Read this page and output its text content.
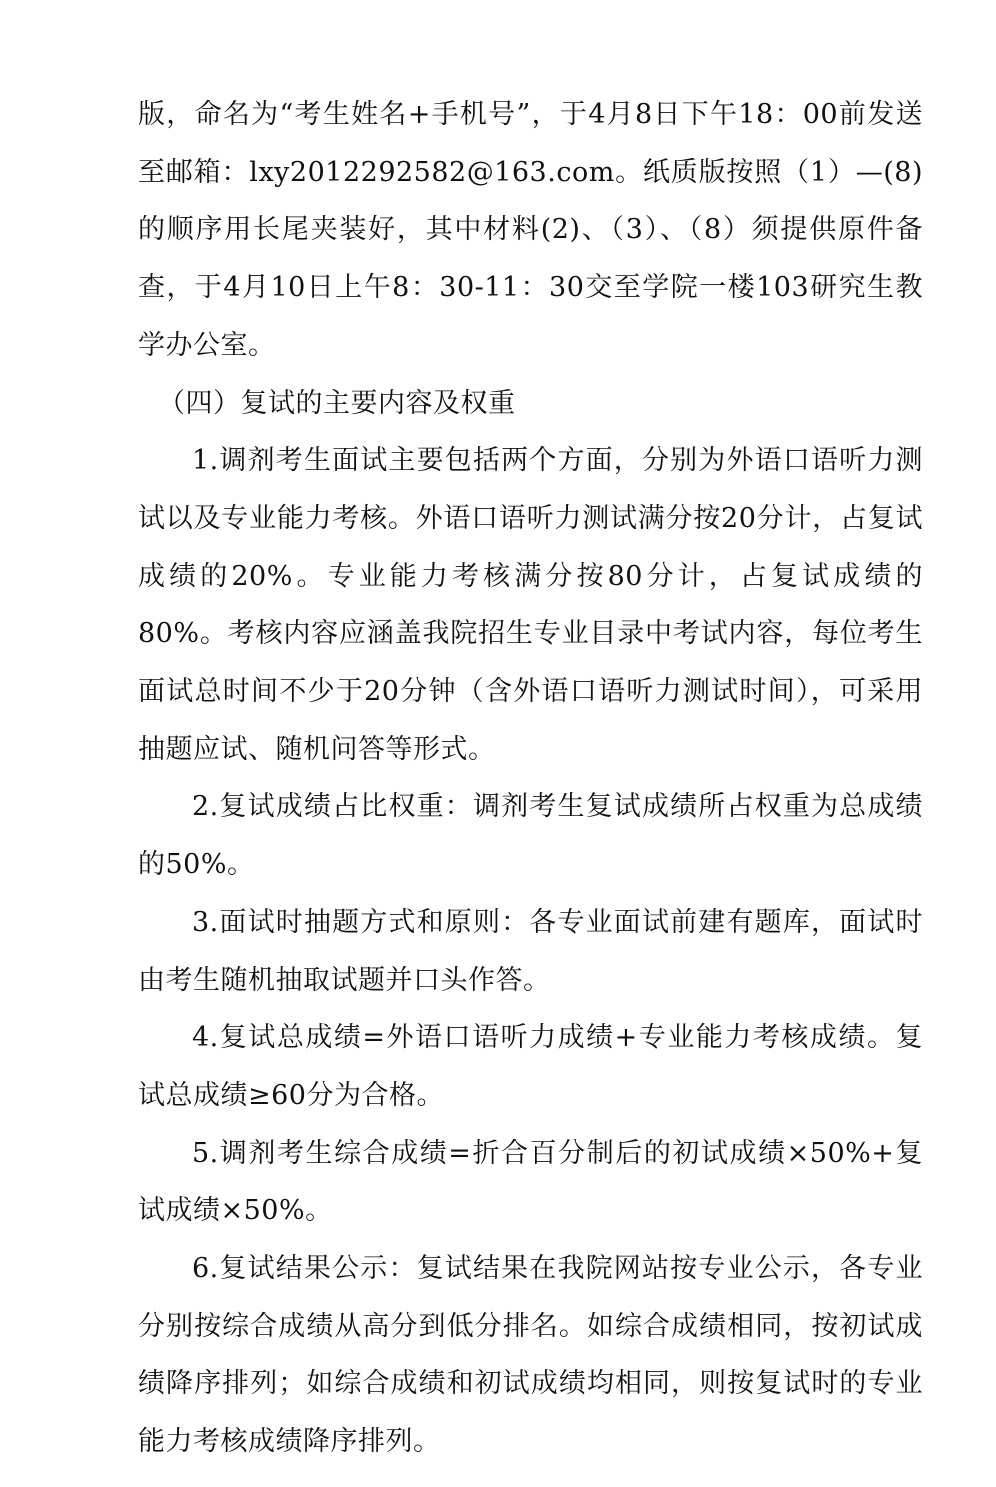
版，命名为“考生姓名+手机号”，于4月8日下午18：00前发送至邮箱：lxy2012292582@163.com。纸质版按照（1）—(8)的顺序用长尾夹装好，其中材料(2)、（3）、（8）须提供原件备查，于4月10日上午8：30-11：30交至学院一楼103研究生教学办公室。

（四）复试的主要内容及权重

1.调剂考生面试主要包括两个方面，分别为外语口语听力测试以及专业能力考核。外语口语听力测试满分按20分计，占复试成绩的20%。专业能力考核满分按80分计，占复试成绩的80%。考核内容应涵盖我院招生专业目录中考试内容，每位考生面试总时间不少于20分钟（含外语口语听力测试时间），可采用抽题应试、随机问答等形式。

2.复试成绩占比权重：调剂考生复试成绩所占权重为总成绩的50%。

3.面试时抽题方式和原则：各专业面试前建有题库，面试时由考生随机抽取试题并口头作答。

4.复试总成绩=外语口语听力成绩+专业能力考核成绩。复试总成绩≥60分为合格。

5.调剂考生综合成绩=折合百分制后的初试成绩×50%+复试成绩×50%。

6.复试结果公示：复试结果在我院网站按专业公示，各专业分别按综合成绩从高分到低分排名。如综合成绩相同，按初试成绩降序排列；如综合成绩和初试成绩均相同，则按复试时的专业能力考核成绩降序排列。
